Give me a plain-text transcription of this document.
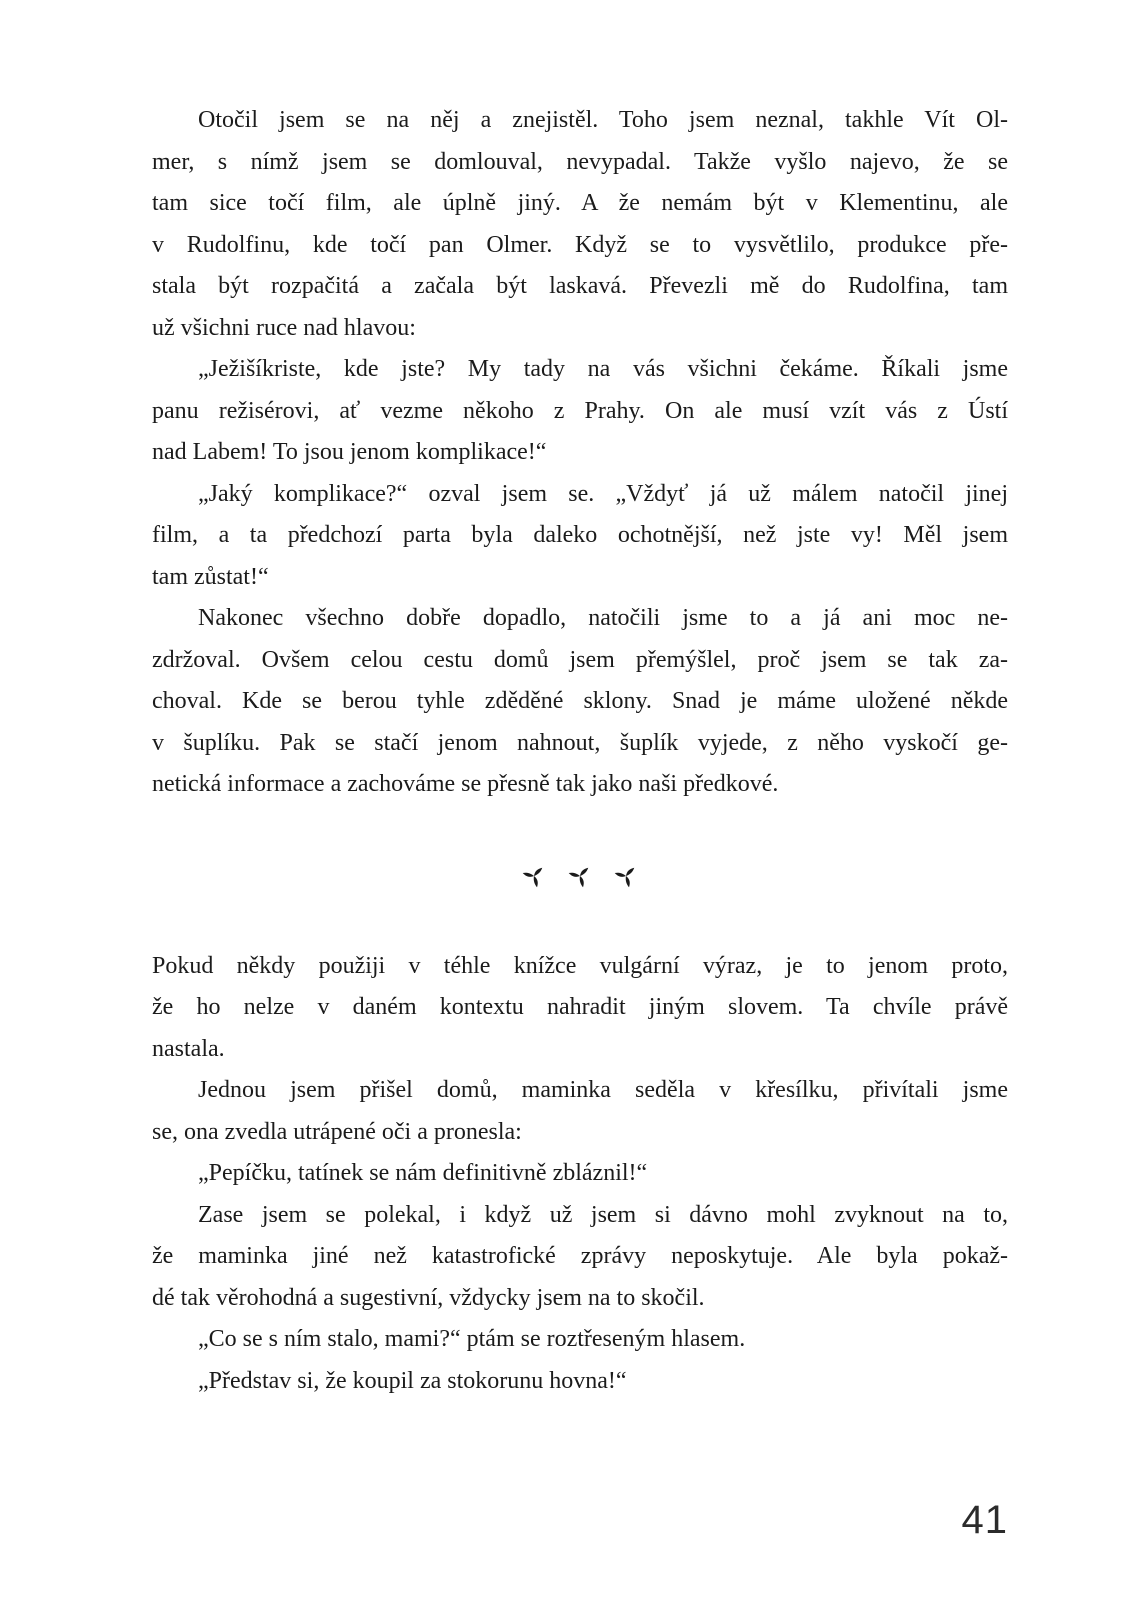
Otočil jsem se na něj a znejistěl. Toho jsem neznal, takhle Vít Ol-
mer, s nímž jsem se domlouval, nevypadal. Takže vyšlo najevo, že se
tam sice točí film, ale úplně jiný. A že nemám být v Klementinu, ale
v Rudolfinu, kde točí pan Olmer. Když se to vysvětlilo, produkce pře-
stala být rozpačitá a začala být laskavá. Převezli mě do Rudolfina, tam
už všichni ruce nad hlavou:
„Ježišíkriste, kde jste? My tady na vás všichni čekáme. Říkali jsme
panu režisérovi, ať vezme někoho z Prahy. On ale musí vzít vás z Ústí
nad Labem! To jsou jenom komplikace!“
„Jaký komplikace?“ ozval jsem se. „Vždyť já už málem natočil jinej
film, a ta předchozí parta byla daleko ochotnější, než jste vy! Měl jsem
tam zůstat!“
Nakonec všechno dobře dopadlo, natočili jsme to a já ani moc ne-
zdržoval. Ovšem celou cestu domů jsem přemýšlel, proč jsem se tak za-
choval. Kde se berou tyhle zděděné sklony. Snad je máme uložené někde
v šuplíku. Pak se stačí jenom nahnout, šuplík vyjede, z něho vyskočí ge-
netická informace a zachováme se přesně tak jako naši předkové.
Pokud někdy použiji v téhle knížce vulgární výraz, je to jenom proto,
že ho nelze v daném kontextu nahradit jiným slovem. Ta chvíle právě
nastala.
Jednou jsem přišel domů, maminka seděla v křesílku, přivítali jsme
se, ona zvedla utrápené oči a pronesla:
„Pepíčku, tatínek se nám definitivně zbláznil!“
Zase jsem se polekal, i když už jsem si dávno mohl zvyknout na to,
že maminka jiné než katastrofické zprávy neposkytuje. Ale byla pokaž-
dé tak věrohodná a sugestivní, vždycky jsem na to skočil.
„Co se s ním stalo, mami?“ ptám se roztřeseným hlasem.
„Představ si, že koupil za stokorunu hovna!“
41
